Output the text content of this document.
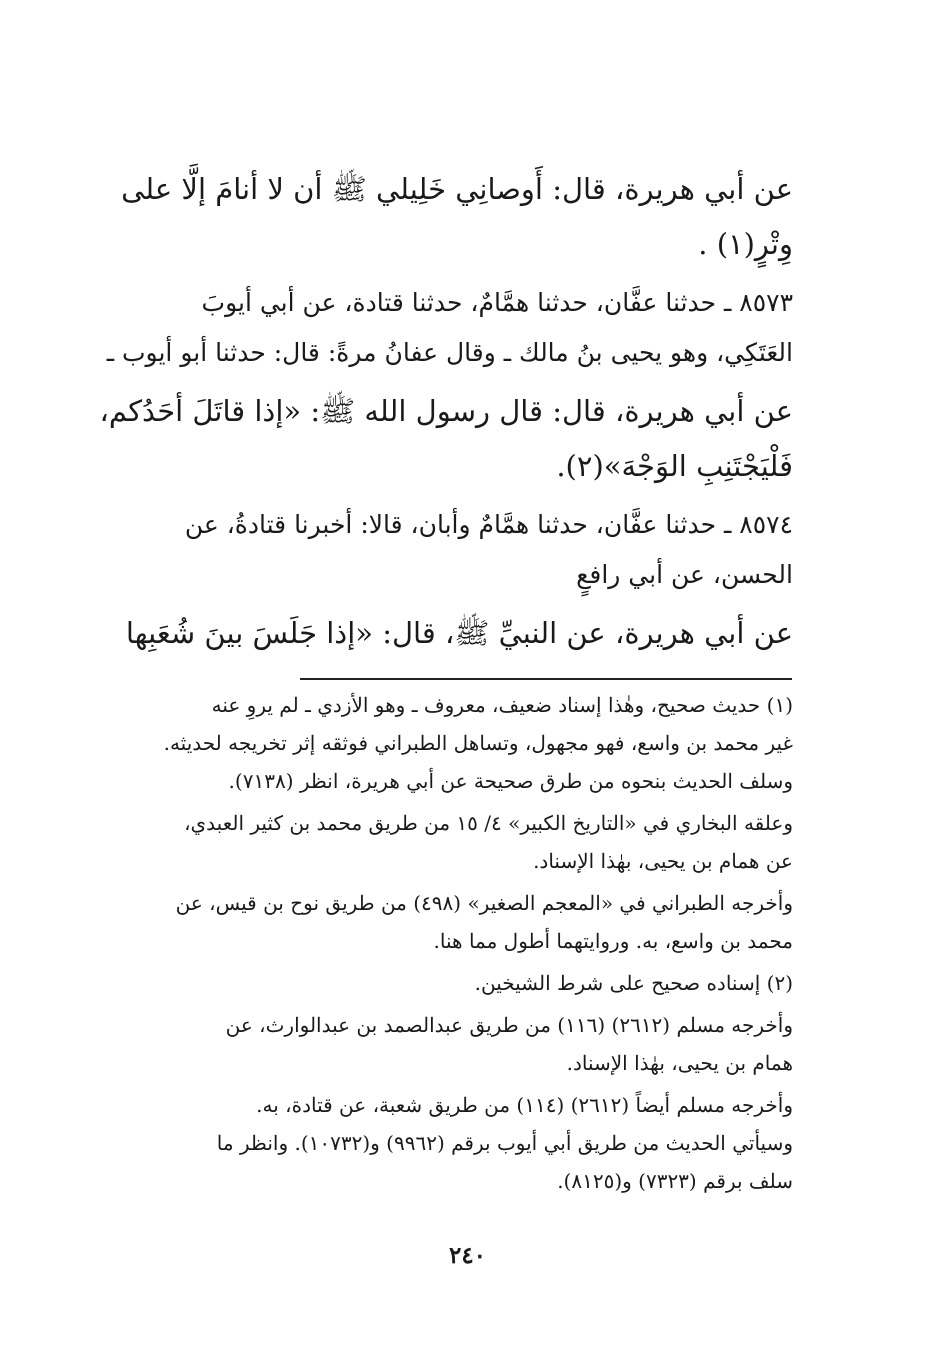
عن أبي هريرة، قال: أَوصانِي خَلِيلي ﷺ أن لا أنامَ إلَّا على

وِتْرٍ(١) .

٨٥٧٣ ـ حدثنا عفَّان، حدثنا همَّامٌ، حدثنا قتادة، عن أبي أيوبَ

العَتَكِي، وهو يحيى بنُ مالك ـ وقال عفانُ مرةً: قال: حدثنا أبو أيوب ـ

عن أبي هريرة، قال: قال رسول الله ﷺ: «إذا قاتَلَ أحَدُكم،

فَلْيَجْتَنِبِ الوَجْهَ»(٢).

٨٥٧٤ ـ حدثنا عفَّان، حدثنا همَّامٌ وأبان، قالا: أخبرنا قتادةُ، عن

الحسن، عن أبي رافعٍ

عن أبي هريرة، عن النبيِّ ﷺ، قال: «إذا جَلَسَ بينَ شُعَبِها

(١) حديث صحيح، وهٰذا إسناد ضعيف، معروف ـ وهو الأزدي ـ لم يروِ عنه

غير محمد بن واسع، فهو مجهول، وتساهل الطبراني فوثقه إثر تخريجه لحديثه.

وسلف الحديث بنحوه من طرق صحيحة عن أبي هريرة، انظر (٧١٣٨).

وعلقه البخاري في «التاريخ الكبير» ٤/ ١٥ من طريق محمد بن كثير العبدي،

عن همام بن يحيى، بهٰذا الإسناد.

وأخرجه الطبراني في «المعجم الصغير» (٤٩٨) من طريق نوح بن قيس، عن

محمد بن واسع، به. وروايتهما أطول مما هنا.

(٢) إسناده صحيح على شرط الشيخين.

وأخرجه مسلم (٢٦١٢) (١١٦) من طريق عبدالصمد بن عبدالوارث، عن

همام بن يحيى، بهٰذا الإسناد.

وأخرجه مسلم أيضاً (٢٦١٢) (١١٤) من طريق شعبة، عن قتادة، به.

وسيأتي الحديث من طريق أبي أيوب برقم (٩٩٦٢) و(١٠٧٣٢). وانظر ما

سلف برقم (٧٣٢٣) و(٨١٢٥).

٢٤٠
